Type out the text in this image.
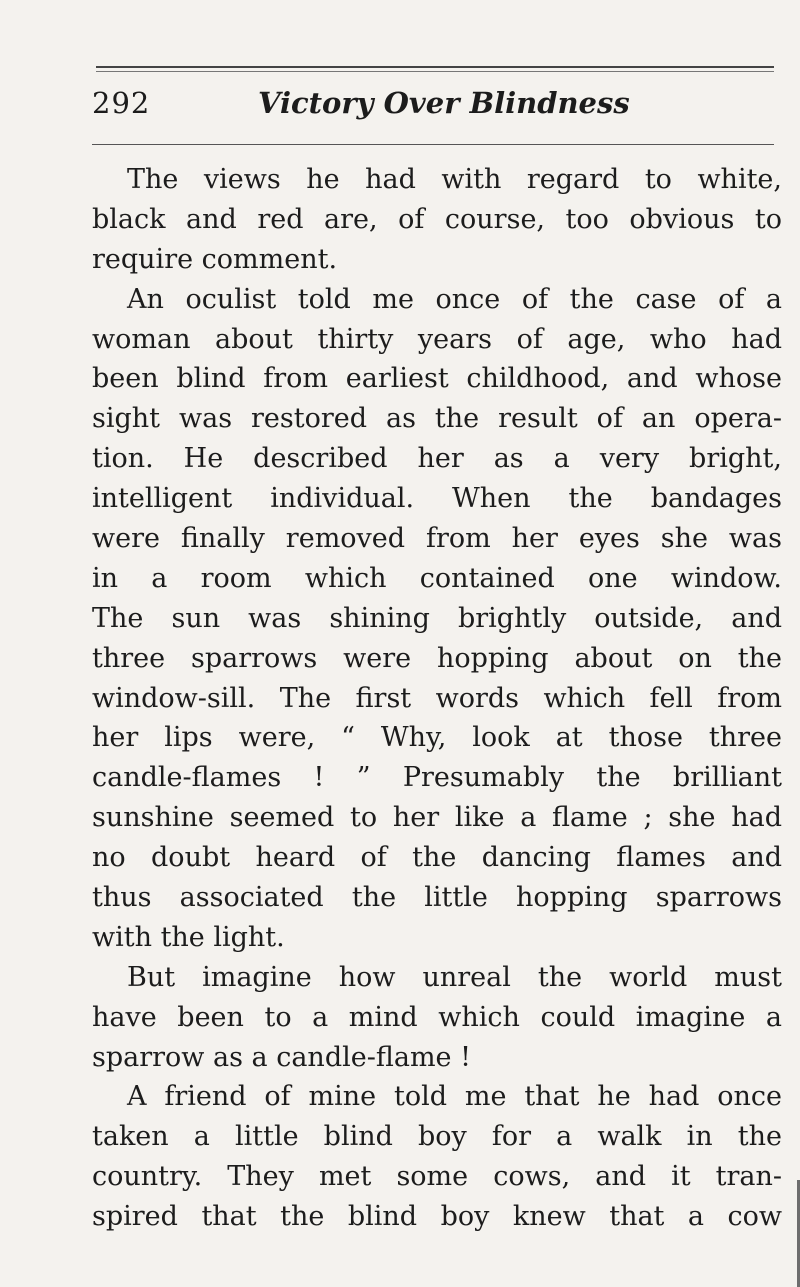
292	Victory Over Blindness
The views he had with regard to white,
black and red are, of course, too obvious to
require comment.
An oculist told me once of the case of a
woman about thirty years of age, who had
been blind from earliest childhood, and whose
sight was restored as the result of an opera-
tion. He described her as a very bright,
intelligent individual. When the bandages
were finally removed from her eyes she was
in a room which contained one window.
The sun was shining brightly outside, and
three sparrows were hopping about on the
window-sill. The first words which fell from
her lips were, “ Why, look at those three
candle-flames ! ” Presumably the brilliant
sunshine seemed to her like a flame ; she had
no doubt heard of the dancing flames and
thus associated the little hopping sparrows
with the light.
But imagine how unreal the world must
have been to a mind which could imagine a
sparrow as a candle-flame !
A friend of mine told me that he had once
taken a little blind boy for a walk in the
country. They met some cows, and it tran-
spired that the blind boy knew that a cow
